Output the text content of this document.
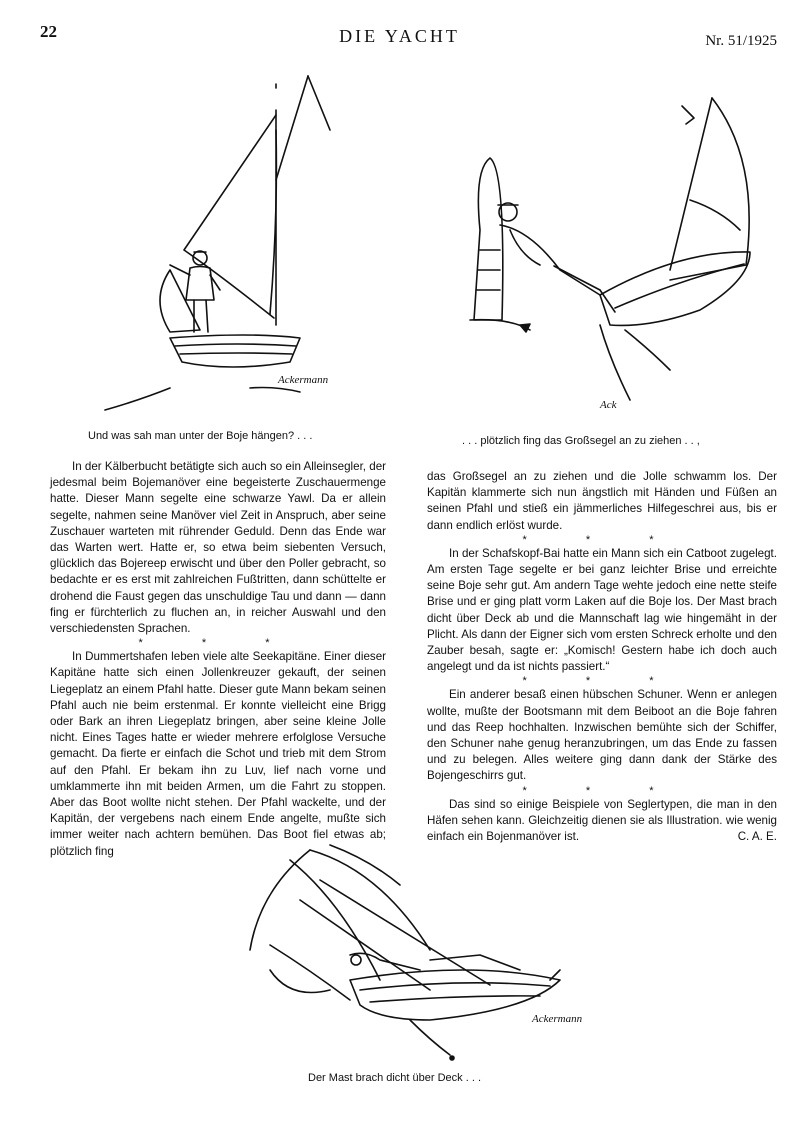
22	DIE YACHT	Nr. 51/1925
Ackermann
Und was sah man unter der Boje hängen? . . .
Ack
. . . plötzlich fing das Großsegel an zu ziehen . . ,

In der Kälberbucht betätigte sich auch so ein Alleinsegler, der jedesmal beim Bojemanöver eine begeisterte Zuschauermenge hatte. Dieser Mann segelte eine schwarze Yawl. Da er allein segelte, nahmen seine Manöver viel Zeit in Anspruch, aber seine Zuschauer warteten mit rührender Geduld. Denn das Ende war das Warten wert. Hatte er, so etwa beim siebenten Versuch, glücklich das Bojereep erwischt und über den Poller gebracht, so bedachte er es erst mit zahlreichen Fußtritten, dann schüttelte er drohend die Faust gegen das unschuldige Tau und dann — dann fing er fürchterlich zu fluchen an, in reicher Auswahl und den verschiedensten Sprachen.

* * *

In Dummertshafen leben viele alte Seekapitäne. Einer dieser Kapitäne hatte sich einen Jollenkreuzer gekauft, der seinen Liegeplatz an einem Pfahl hatte. Dieser gute Mann bekam seinen Pfahl auch nie beim erstenmal. Er konnte vielleicht eine Brigg oder Bark an ihren Liegeplatz bringen, aber seine kleine Jolle nicht. Eines Tages hatte er wieder mehrere erfolglose Versuche gemacht. Da fierte er einfach die Schot und trieb mit dem Strom auf den Pfahl. Er bekam ihn zu Luv, lief nach vorne und umklammerte ihn mit beiden Armen, um die Fahrt zu stoppen. Aber das Boot wollte nicht stehen. Der Pfahl wackelte, und der Kapitän, der vergebens nach einem Ende angelte, mußte sich immer weiter nach achtern bemühen. Das Boot fiel etwas ab; plötzlich fing

das Großsegel an zu ziehen und die Jolle schwamm los. Der Kapitän klammerte sich nun ängstlich mit Händen und Füßen an seinen Pfahl und stieß ein jämmerliches Hilfegeschrei aus, bis er dann endlich erlöst wurde.

* * *

In der Schafskopf-Bai hatte ein Mann sich ein Catboot zugelegt. Am ersten Tage segelte er bei ganz leichter Brise und erreichte seine Boje sehr gut. Am andern Tage wehte jedoch eine nette steife Brise und er ging platt vorm Laken auf die Boje los. Der Mast brach dicht über Deck ab und die Mannschaft lag wie hingemäht in der Plicht. Als dann der Eigner sich vom ersten Schreck erholte und den Zauber besah, sagte er: „Komisch! Gestern habe ich doch auch angelegt und da ist nichts passiert.“

* * *

Ein anderer besaß einen hübschen Schuner. Wenn er anlegen wollte, mußte der Bootsmann mit dem Beiboot an die Boje fahren und das Reep hochhalten. Inzwischen bemühte sich der Schiffer, den Schuner nahe genug heranzubringen, um das Ende zu fassen und zu belegen. Alles weitere ging dann dank der Stärke des Bojengeschirrs gut.

* * *

Das sind so einige Beispiele von Seglertypen, die man in den Häfen sehen kann. Gleichzeitig dienen sie als Illustration. wie wenig einfach ein Bojenmanöver ist.	C. A. E.

Ackermann
Der Mast brach dicht über Deck . . .
